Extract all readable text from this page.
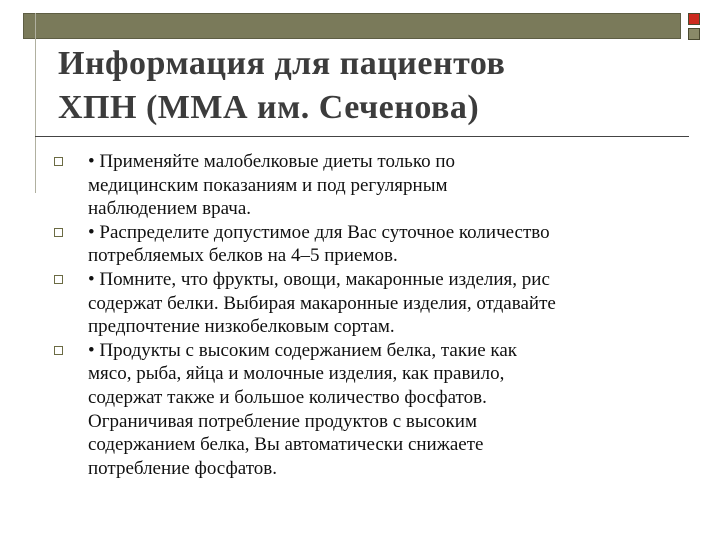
Информация для пациентов
ХПН (ММА им. Сеченова)
• Применяйте малобелковые диеты только по
медицинским показаниям и под регулярным
наблюдением врача.
• Распределите допустимое для Вас суточное количество
потребляемых белков на 4–5 приемов.
• Помните, что фрукты, овощи, макаронные изделия, рис
содержат белки. Выбирая макаронные изделия, отдавайте
предпочтение низкобелковым сортам.
• Продукты с высоким содержанием белка, такие как
мясо, рыба, яйца и молочные изделия, как правило,
содержат также и большое количество фосфатов.
Ограничивая потребление продуктов с высоким
содержанием белка, Вы автоматически снижаете
потребление фосфатов.
